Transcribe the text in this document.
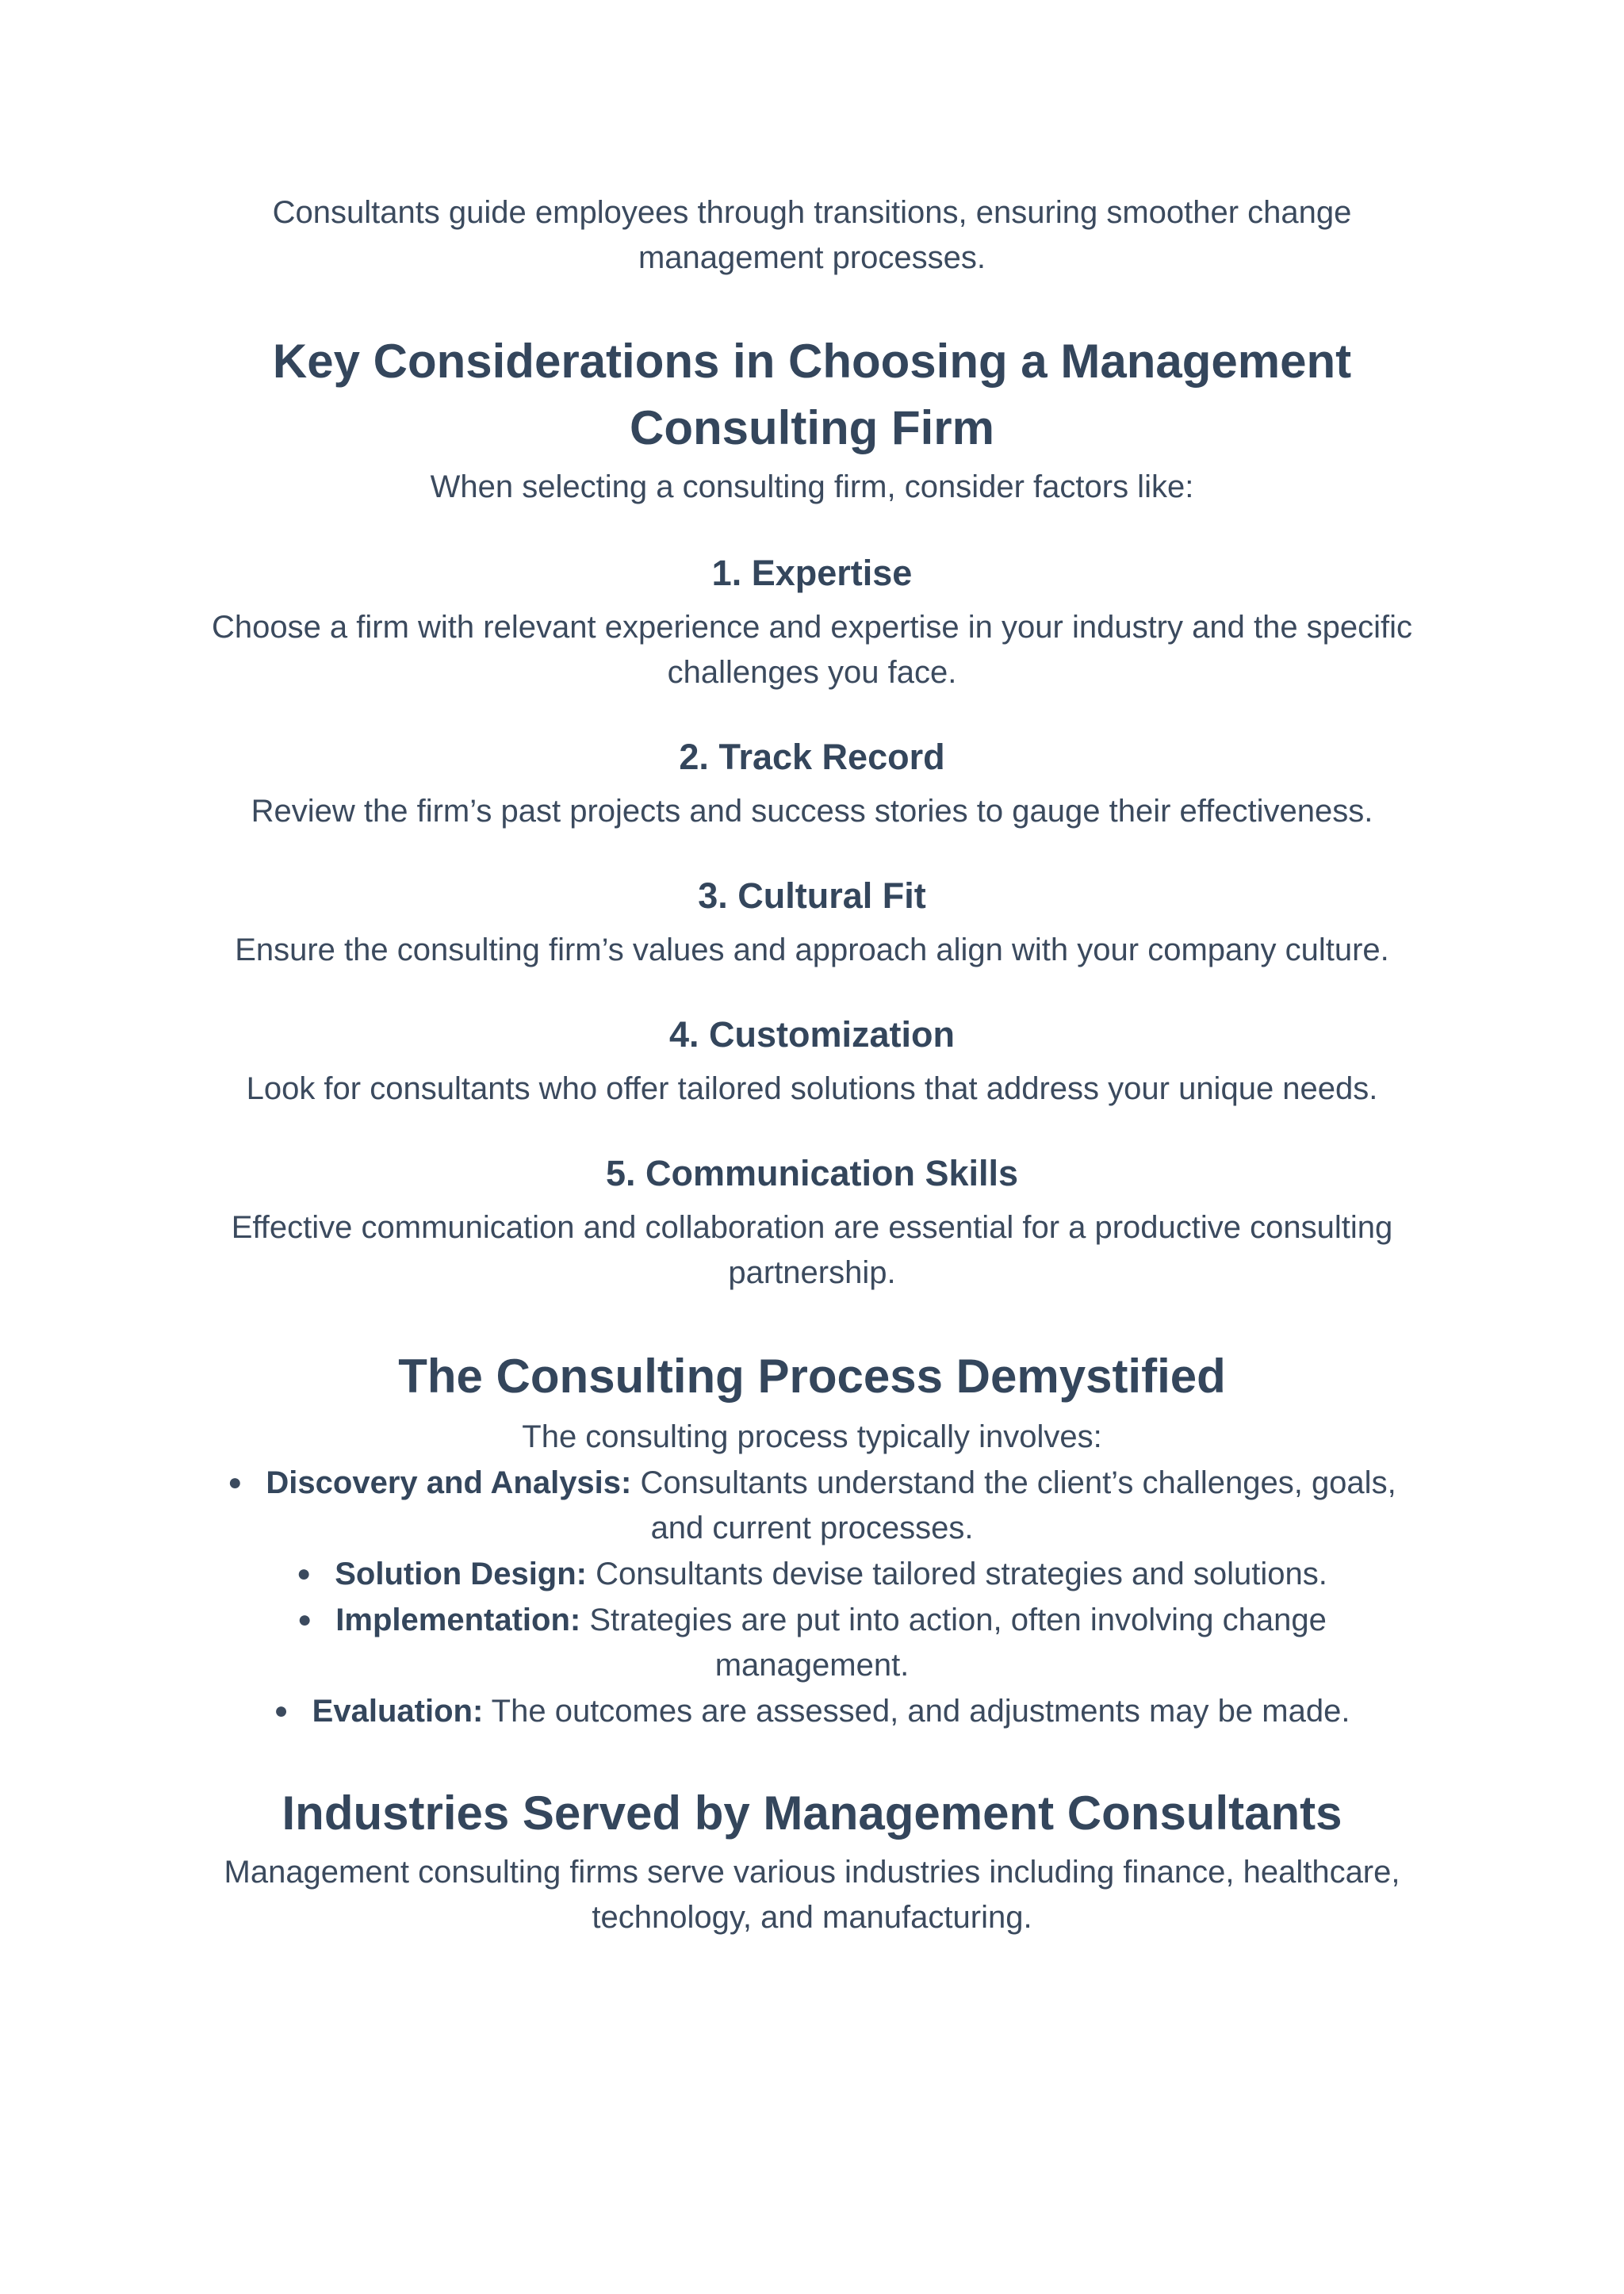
Consultants guide employees through transitions, ensuring smoother change management processes.

Key Considerations in Choosing a Management Consulting Firm

When selecting a consulting firm, consider factors like:

1. Expertise

Choose a firm with relevant experience and expertise in your industry and the specific challenges you face.

2. Track Record

Review the firm’s past projects and success stories to gauge their effectiveness.

3. Cultural Fit

Ensure the consulting firm’s values and approach align with your company culture.

4. Customization

Look for consultants who offer tailored solutions that address your unique needs.

5. Communication Skills

Effective communication and collaboration are essential for a productive consulting partnership.

The Consulting Process Demystified

The consulting process typically involves:

● Discovery and Analysis: Consultants understand the client’s challenges, goals, and current processes.
● Solution Design: Consultants devise tailored strategies and solutions.
● Implementation: Strategies are put into action, often involving change management.
● Evaluation: The outcomes are assessed, and adjustments may be made.
Industries Served by Management Consultants

Management consulting firms serve various industries including finance, healthcare, technology, and manufacturing.
